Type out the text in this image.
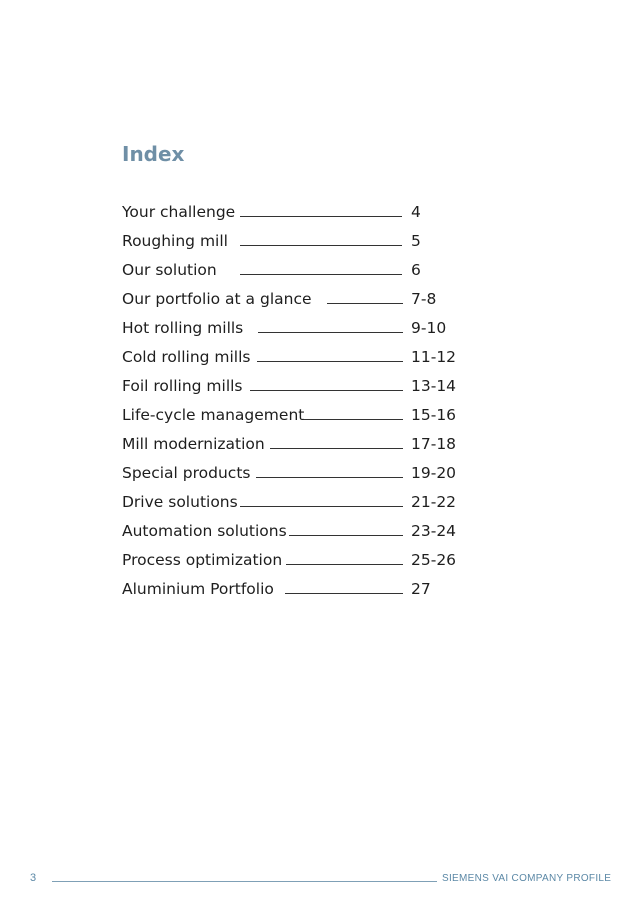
Index
Your challenge	4
Roughing mill	5
Our solution	6
Our portfolio at a glance	7-8
Hot rolling mills	9-10
Cold rolling mills	11-12
Foil rolling mills	13-14
Life-cycle management	15-16
Mill modernization	17-18
Special products	19-20
Drive solutions	21-22
Automation solutions	23-24
Process optimization	25-26
Aluminium Portfolio	27
3	SIEMENS VAI COMPANY PROFILE
